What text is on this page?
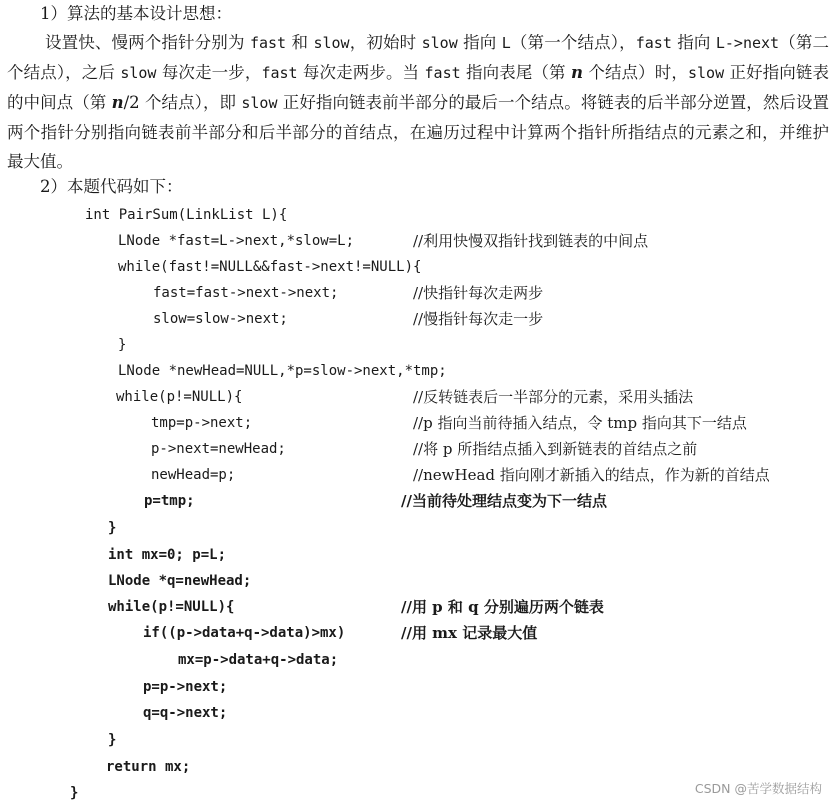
1）算法的基本设计思想：

设置快、慢两个指针分别为 fast 和 slow，初始时 slow 指向 L（第一个结点），fast 指向 L->next（第二个结点），之后 slow 每次走一步，fast 每次走两步。当 fast 指向表尾（第 n 个结点）时，slow 正好指向链表的中间点（第 n/2 个结点），即 slow 正好指向链表前半部分的最后一个结点。将链表的后半部分逆置，然后设置两个指针分别指向链表前半部分和后半部分的首结点，在遍历过程中计算两个指针所指结点的元素之和，并维护最大值。

2）本题代码如下：
int PairSum(LinkList L){
LNode *fast=L->next,*slow=L;	//利用快慢双指针找到链表的中间点
while(fast!=NULL&&fast->next!=NULL){
fast=fast->next->next;	//快指针每次走两步
slow=slow->next;	//慢指针每次走一步
}
LNode *newHead=NULL,*p=slow->next,*tmp;
while(p!=NULL){	//反转链表后一半部分的元素，采用头插法
tmp=p->next;	//p 指向当前待插入结点，令 tmp 指向其下一结点
p->next=newHead;	//将 p 所指结点插入到新链表的首结点之前
newHead=p;	//newHead 指向刚才新插入的结点，作为新的首结点
p=tmp;	//当前待处理结点变为下一结点
}
int mx=0; p=L;
LNode *q=newHead;
while(p!=NULL){	//用 p 和 q 分别遍历两个链表
if((p->data+q->data)>mx)	//用 mx 记录最大值
mx=p->data+q->data;
p=p->next;
q=q->next;
}
return mx;
}	CSDN @苦学数据结构
